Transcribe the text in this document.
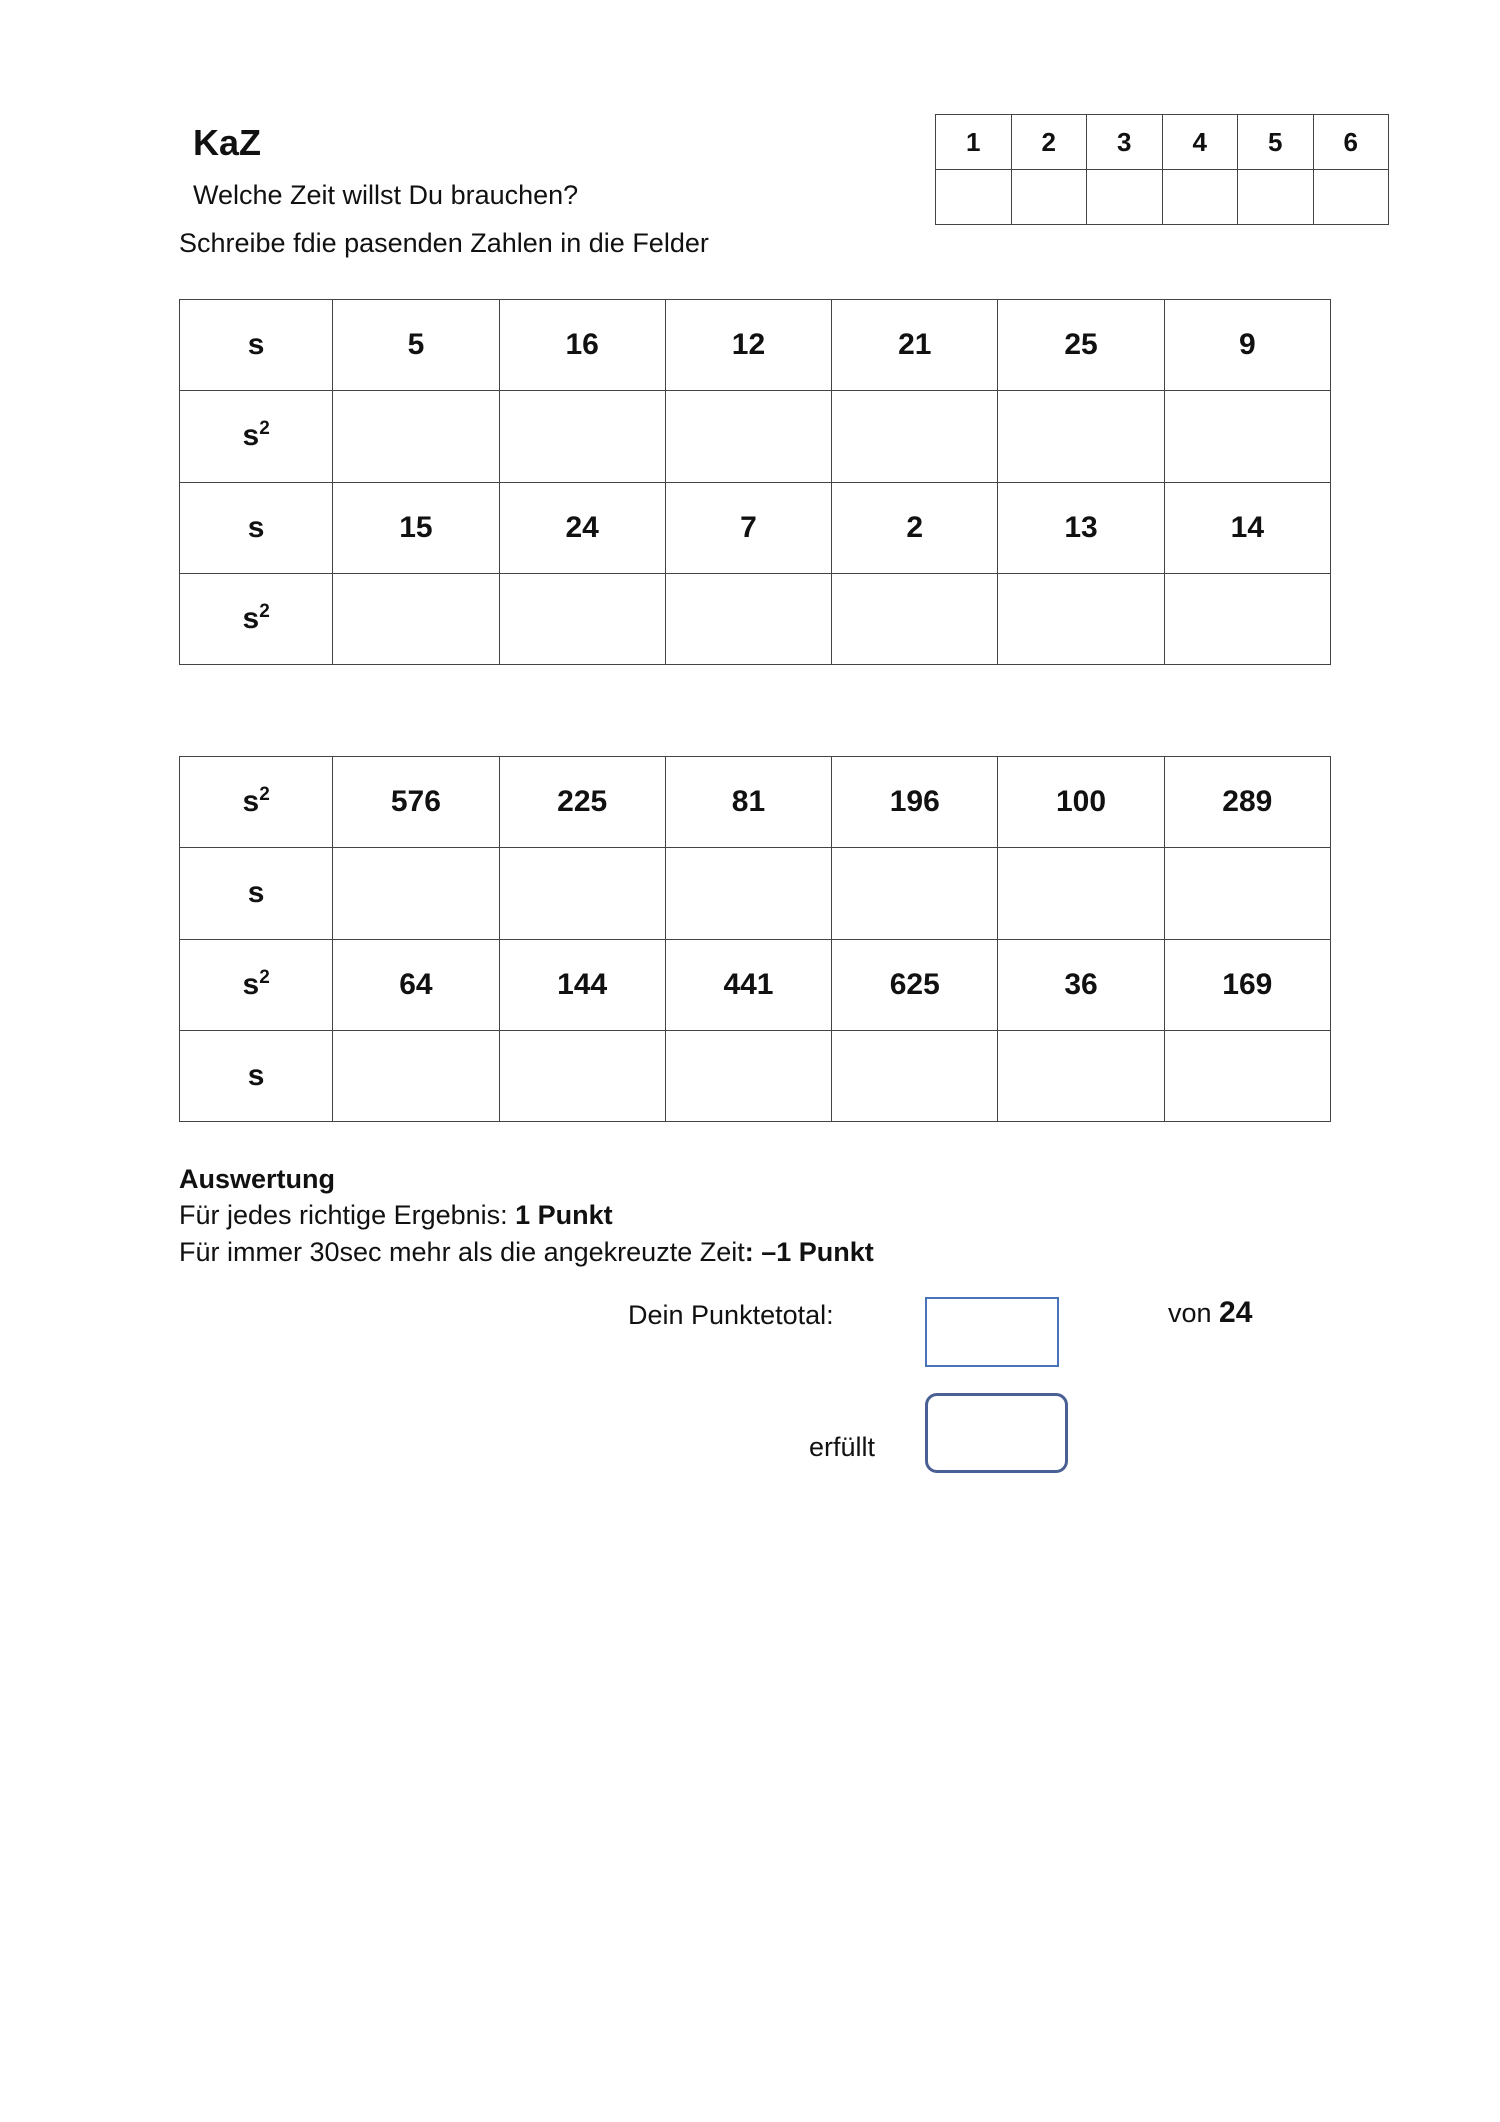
KaZ
Welche Zeit willst Du brauchen?
Schreibe fdie pasenden Zahlen in die Felder
1	2	3	4	5	6

s	5	16	12	21	25	9
$s^2$						
s	15	24	7	2	13	14
$s^2$						
$s^2$	576	225	81	196	100	289
s						
$s^2$	64	144	441	625	36	169
s						
Auswertung
Für jedes richtige Ergebnis: 1 Punkt
Für immer 30sec mehr als die angekreuzte Zeit: –1 Punkt
Dein Punktetotal:	von 24
erfüllt
